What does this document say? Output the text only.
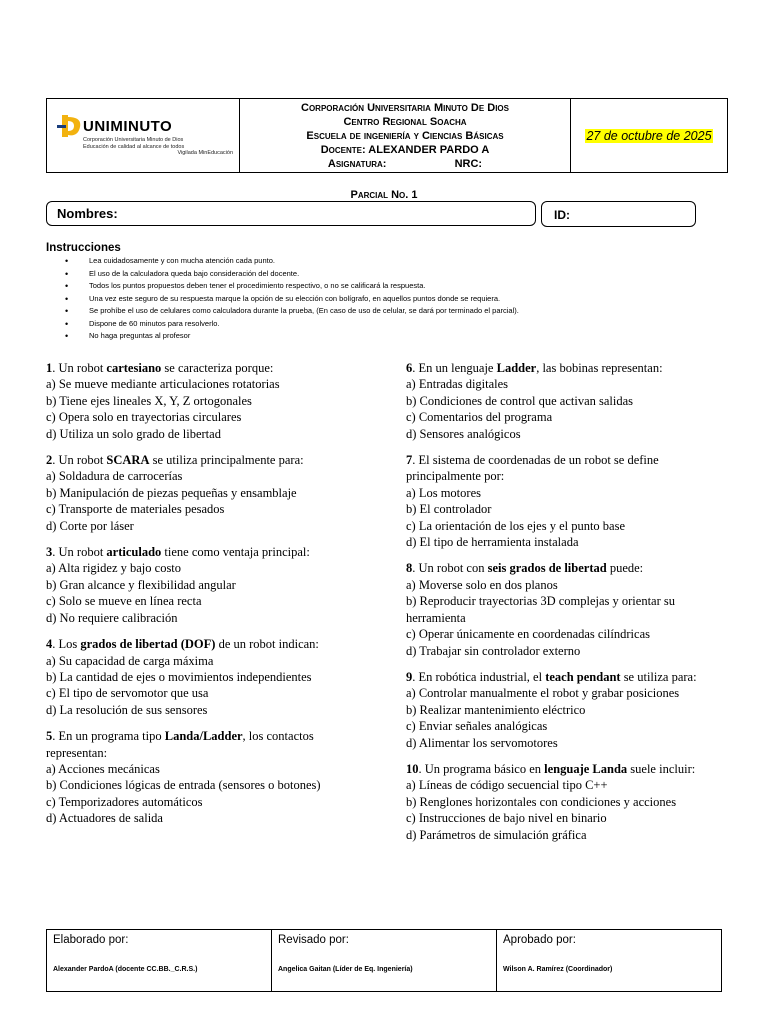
UNIMINUTO
Corporación Universitaria Minuto de Dios
Educación de calidad al alcance de todos
Vigilada MinEducación
Corporación Universitaria Minuto De Dios
Centro Regional Soacha
Escuela de ingeniería y Ciencias Básicas
Docente: ALEXANDER PARDO A
Asignatura:	NRC:
27 de octubre de 2025
Parcial No. 1
Nombres:	ID:
Instrucciones
• Lea cuidadosamente y con mucha atención cada punto.
• El uso de la calculadora queda bajo consideración del docente.
• Todos los puntos propuestos deben tener el procedimiento respectivo, o no se calificará la respuesta.
• Una vez este seguro de su respuesta marque la opción de su elección con bolígrafo, en aquellos puntos donde se requiera.
• Se prohíbe el uso de celulares como calculadora durante la prueba, (En caso de uso de celular, se dará por terminado el parcial).
• Dispone de 60 minutos para resolverlo.
• No haga preguntas al profesor

1. Un robot cartesiano se caracteriza porque:

a) Se mueve mediante articulaciones rotatorias

b) Tiene ejes lineales X, Y, Z ortogonales

c) Opera solo en trayectorias circulares

d) Utiliza un solo grado de libertad

2. Un robot SCARA se utiliza principalmente para:

a) Soldadura de carrocerías

b) Manipulación de piezas pequeñas y ensamblaje

c) Transporte de materiales pesados

d) Corte por láser

3. Un robot articulado tiene como ventaja principal:

a) Alta rigidez y bajo costo

b) Gran alcance y flexibilidad angular

c) Solo se mueve en línea recta

d) No requiere calibración

4. Los grados de libertad (DOF) de un robot indican:

a) Su capacidad de carga máxima

b) La cantidad de ejes o movimientos independientes

c) El tipo de servomotor que usa

d) La resolución de sus sensores

5. En un programa tipo Landa/Ladder, los contactos representan:

a) Acciones mecánicas

b) Condiciones lógicas de entrada (sensores o botones)

c) Temporizadores automáticos

d) Actuadores de salida

6. En un lenguaje Ladder, las bobinas representan:

a) Entradas digitales

b) Condiciones de control que activan salidas

c) Comentarios del programa

d) Sensores analógicos

7. El sistema de coordenadas de un robot se define principalmente por:

a) Los motores

b) El controlador

c) La orientación de los ejes y el punto base

d) El tipo de herramienta instalada

8. Un robot con seis grados de libertad puede:

a) Moverse solo en dos planos

b) Reproducir trayectorias 3D complejas y orientar su herramienta

c) Operar únicamente en coordenadas cilíndricas

d) Trabajar sin controlador externo

9. En robótica industrial, el teach pendant se utiliza para:

a) Controlar manualmente el robot y grabar posiciones

b) Realizar mantenimiento eléctrico

c) Enviar señales analógicas

d) Alimentar los servomotores

10. Un programa básico en lenguaje Landa suele incluir:

a) Líneas de código secuencial tipo C++

b) Renglones horizontales con condiciones y acciones

c) Instrucciones de bajo nivel en binario

d) Parámetros de simulación gráfica

Elaborado por:
Alexander PardoA (docente CC.BB._C.R.S.)
Revisado por:
Angelica Gaitan (Líder de Eq. Ingeniería)
Aprobado por:
Wilson A. Ramírez (Coordinador)
